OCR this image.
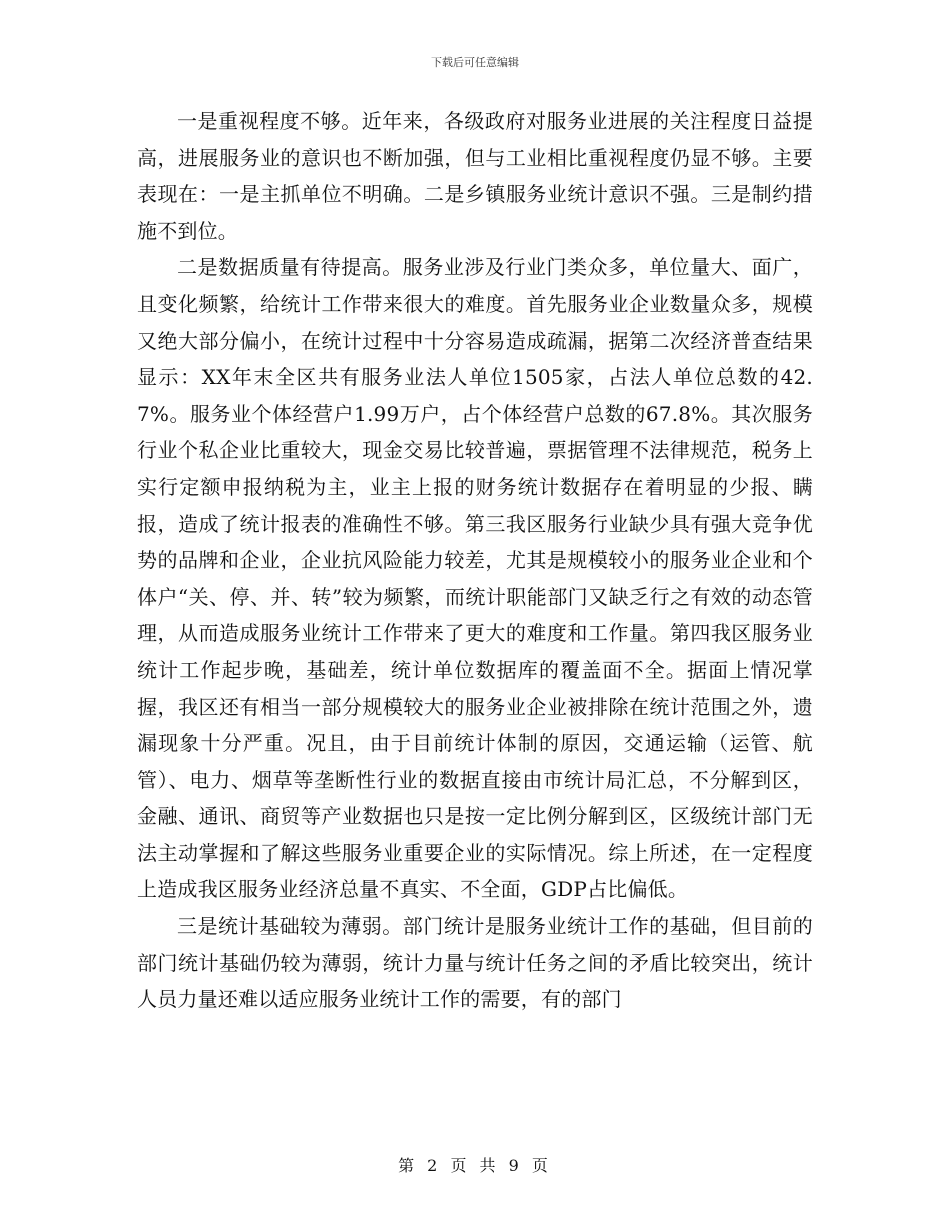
下载后可任意编辑

一是重视程度不够。近年来，各级政府对服务业进展的关注程度日益提高，进展服务业的意识也不断加强，但与工业相比重视程度仍显不够。主要表现在：一是主抓单位不明确。二是乡镇服务业统计意识不强。三是制约措施不到位。

二是数据质量有待提高。服务业涉及行业门类众多，单位量大、面广，且变化频繁，给统计工作带来很大的难度。首先服务业企业数量众多，规模又绝大部分偏小，在统计过程中十分容易造成疏漏，据第二次经济普查结果显示：XX年末全区共有服务业法人单位1505家，占法人单位总数的42.7%。服务业个体经营户1.99万户，占个体经营户总数的67.8%。其次服务行业个私企业比重较大，现金交易比较普遍，票据管理不法律规范，税务上实行定额申报纳税为主，业主上报的财务统计数据存在着明显的少报、瞒报，造成了统计报表的准确性不够。第三我区服务行业缺少具有强大竞争优势的品牌和企业，企业抗风险能力较差，尤其是规模较小的服务业企业和个体户“关、停、并、转”较为频繁，而统计职能部门又缺乏行之有效的动态管理，从而造成服务业统计工作带来了更大的难度和工作量。第四我区服务业统计工作起步晚，基础差，统计单位数据库的覆盖面不全。据面上情况掌握，我区还有相当一部分规模较大的服务业企业被排除在统计范围之外，遗漏现象十分严重。况且，由于目前统计体制的原因，交通运输（运管、航管）、电力、烟草等垄断性行业的数据直接由市统计局汇总，不分解到区，金融、通讯、商贸等产业数据也只是按一定比例分解到区，区级统计部门无法主动掌握和了解这些服务业重要企业的实际情况。综上所述，在一定程度上造成我区服务业经济总量不真实、不全面，GDP占比偏低。

三是统计基础较为薄弱。部门统计是服务业统计工作的基础，但目前的部门统计基础仍较为薄弱，统计力量与统计任务之间的矛盾比较突出，统计人员力量还难以适应服务业统计工作的需要，有的部门

第 2 页 共 9 页
